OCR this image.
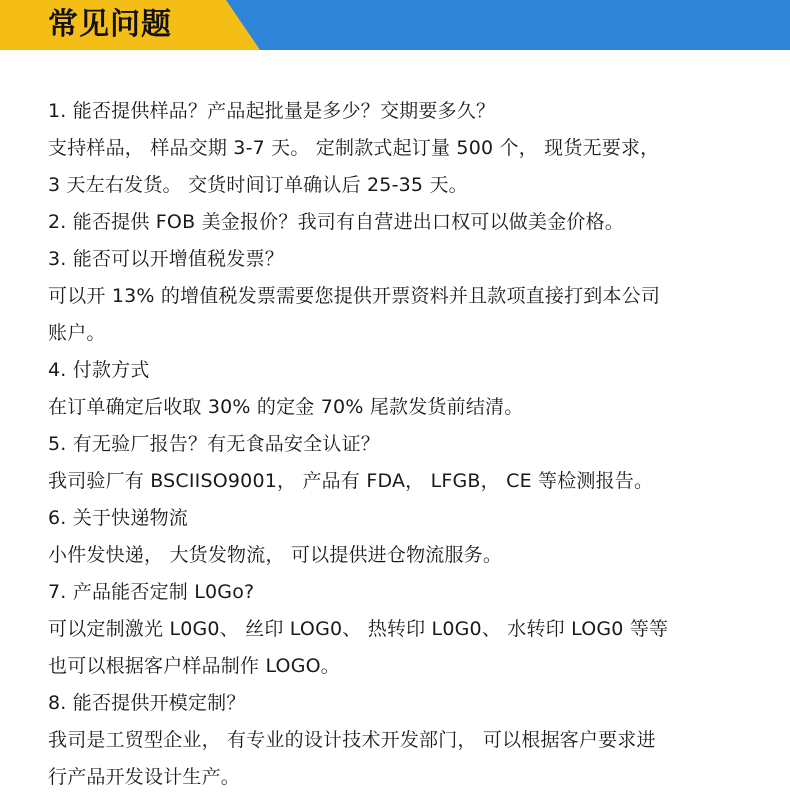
常见问题
1. 能否提供样品？产品起批量是多少？交期要多久？
支持样品， 样品交期 3-7 天。 定制款式起订量 500 个， 现货无要求，
3 天左右发货。 交货时间订单确认后 25-35 天。
2. 能否提供 FOB 美金报价？我司有自营进出口权可以做美金价格。
3. 能否可以开增值税发票？
可以开 13% 的增值税发票需要您提供开票资料并且款项直接打到本公司
账户。
4. 付款方式
在订单确定后收取 30% 的定金 70% 尾款发货前结清。
5. 有无验厂报告？有无食品安全认证？
我司验厂有 BSCIISO9001， 产品有 FDA， LFGB， CE 等检测报告。
6. 关于快递物流
小件发快递， 大货发物流， 可以提供进仓物流服务。
7. 产品能否定制 L0Go?
可以定制激光 L0G0、 丝印 LOG0、 热转印 L0G0、 水转印 LOG0 等等
也可以根据客户样品制作 LOGO。
8. 能否提供开模定制？
我司是工贸型企业， 有专业的设计技术开发部门， 可以根据客户要求进
行产品开发设计生产。
